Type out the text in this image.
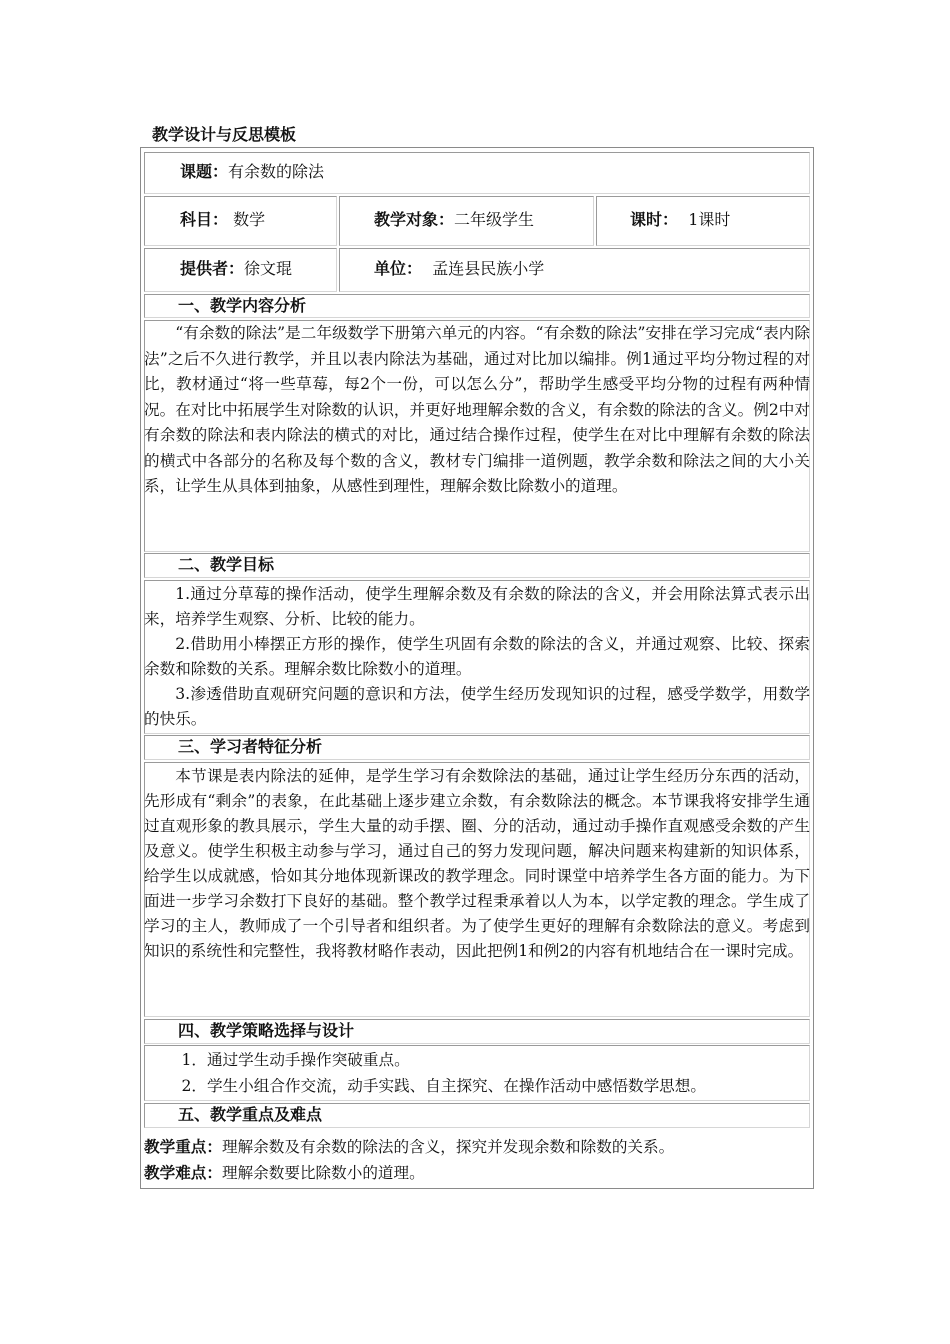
教学设计与反思模板
课题：有余数的除法
科目： 数学	教学对象：二年级学生	课时： 1课时
提供者：徐文琨	单位： 孟连县民族小学
一、教学内容分析
“有余数的除法”是二年级数学下册第六单元的内容。“有余数的除法”安排在学习完成“表内除法”之后不久进行教学，并且以表内除法为基础，通过对比加以编排。例1通过平均分物过程的对比，教材通过“将一些草莓，每2个一份，可以怎么分”，帮助学生感受平均分物的过程有两种情况。在对比中拓展学生对除数的认识，并更好地理解余数的含义，有余数的除法的含义。例2中对有余数的除法和表内除法的横式的对比，通过结合操作过程，使学生在对比中理解有余数的除法的横式中各部分的名称及每个数的含义，教材专门编排一道例题，教学余数和除法之间的大小关系，让学生从具体到抽象，从感性到理性，理解余数比除数小的道理。
二、教学目标
1.通过分草莓的操作活动，使学生理解余数及有余数的除法的含义，并会用除法算式表示出来，培养学生观察、分析、比较的能力。
2.借助用小棒摆正方形的操作，使学生巩固有余数的除法的含义，并通过观察、比较、探索余数和除数的关系。理解余数比除数小的道理。
3.渗透借助直观研究问题的意识和方法，使学生经历发现知识的过程，感受学数学，用数学的快乐。
三、学习者特征分析
本节课是表内除法的延伸，是学生学习有余数除法的基础，通过让学生经历分东西的活动，先形成有“剩余”的表象，在此基础上逐步建立余数，有余数除法的概念。本节课我将安排学生通过直观形象的教具展示，学生大量的动手摆、圈、分的活动，通过动手操作直观感受余数的产生及意义。使学生积极主动参与学习，通过自己的努力发现问题，解决问题来构建新的知识体系，给学生以成就感，恰如其分地体现新课改的教学理念。同时课堂中培养学生各方面的能力。为下面进一步学习余数打下良好的基础。整个教学过程秉承着以人为本，以学定教的理念。学生成了学习的主人，教师成了一个引导者和组织者。为了使学生更好的理解有余数除法的意义。考虑到知识的系统性和完整性，我将教材略作表动，因此把例1和例2的内容有机地结合在一课时完成。
四、教学策略选择与设计
1．通过学生动手操作突破重点。
2．学生小组合作交流，动手实践、自主探究、在操作活动中感悟数学思想。
五、教学重点及难点
教学重点：理解余数及有余数的除法的含义，探究并发现余数和除数的关系。
教学难点：理解余数要比除数小的道理。
